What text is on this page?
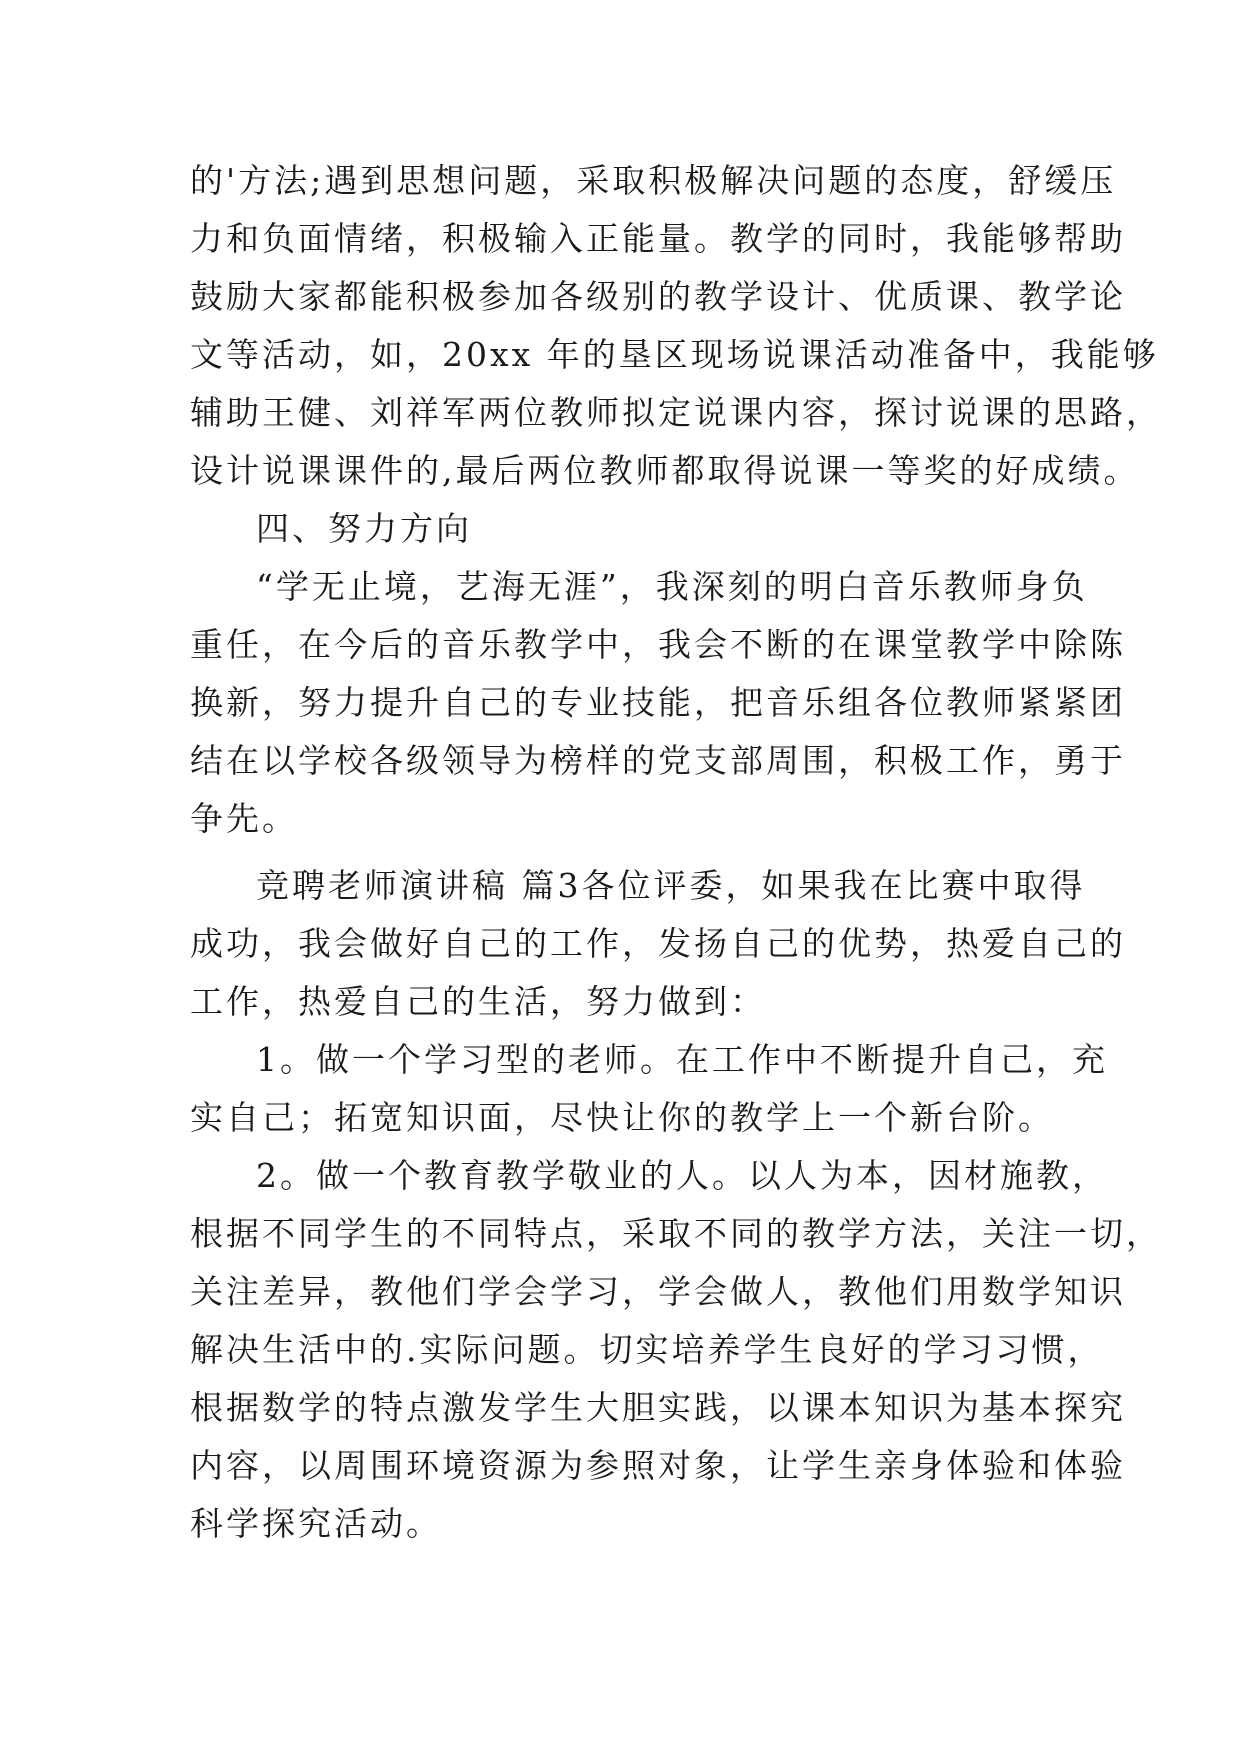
的'方法;遇到思想问题，采取积极解决问题的态度，舒缓压
力和负面情绪，积极输入正能量。教学的同时，我能够帮助
鼓励大家都能积极参加各级别的教学设计、优质课、教学论
文等活动，如，20xx 年的垦区现场说课活动准备中，我能够
辅助王健、刘祥军两位教师拟定说课内容，探讨说课的思路，
设计说课课件的,最后两位教师都取得说课一等奖的好成绩。
四、努力方向
“学无止境，艺海无涯”，我深刻的明白音乐教师身负
重任，在今后的音乐教学中，我会不断的在课堂教学中除陈
换新，努力提升自己的专业技能，把音乐组各位教师紧紧团
结在以学校各级领导为榜样的党支部周围，积极工作，勇于
争先。
竞聘老师演讲稿 篇3各位评委，如果我在比赛中取得
成功，我会做好自己的工作，发扬自己的优势，热爱自己的
工作，热爱自己的生活，努力做到：
1。做一个学习型的老师。在工作中不断提升自己，充
实自己；拓宽知识面，尽快让你的教学上一个新台阶。
2。做一个教育教学敬业的人。以人为本，因材施教，
根据不同学生的不同特点，采取不同的教学方法，关注一切，
关注差异，教他们学会学习，学会做人，教他们用数学知识
解决生活中的.实际问题。切实培养学生良好的学习习惯，
根据数学的特点激发学生大胆实践，以课本知识为基本探究
内容，以周围环境资源为参照对象，让学生亲身体验和体验
科学探究活动。
